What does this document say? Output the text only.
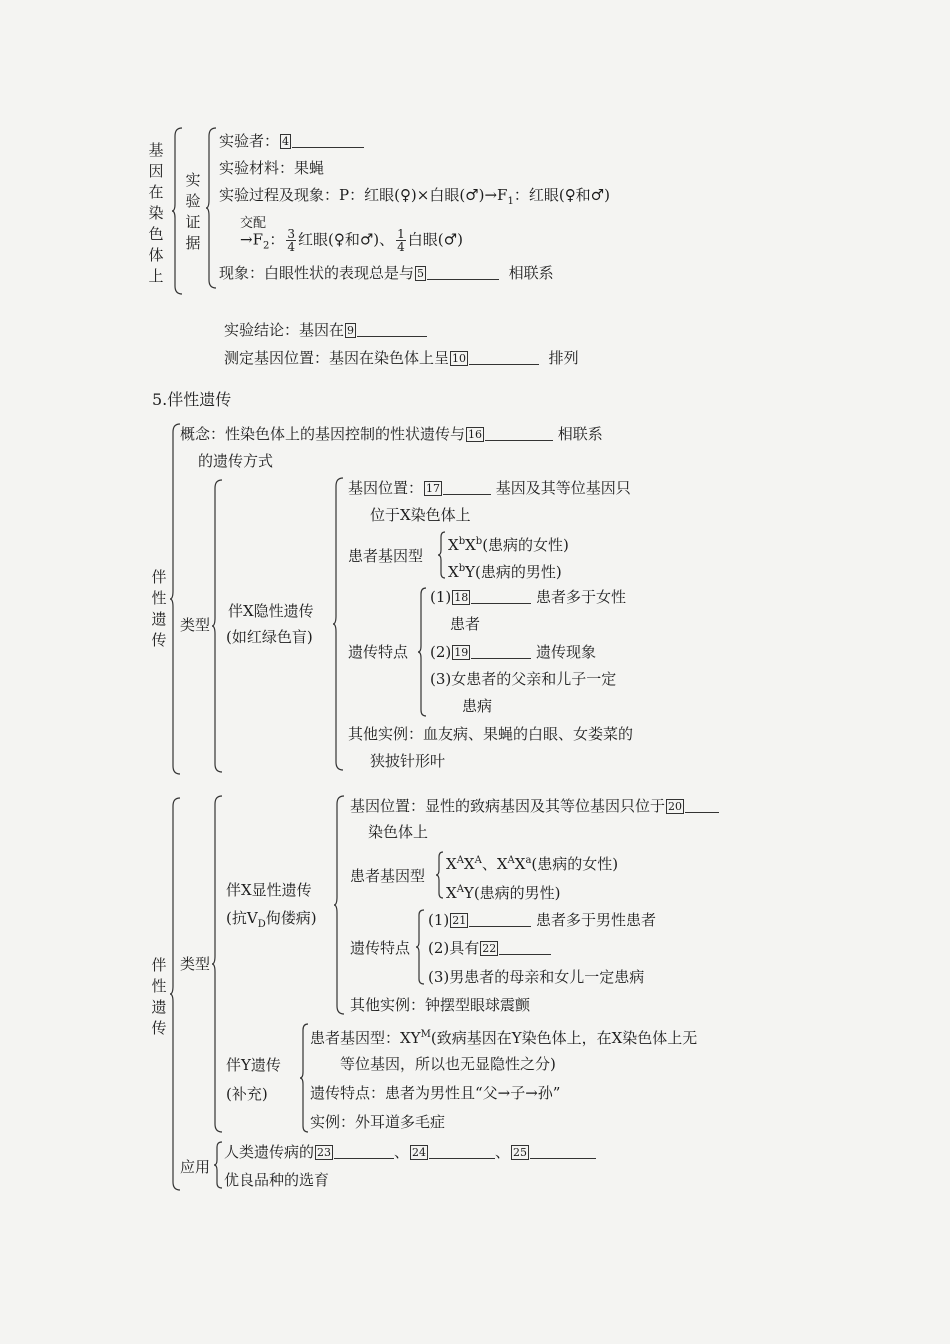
基因在染色体上
实验证据
实验者： 4
实验材料：果蝇
实验过程及现象：P：红眼(♀)×白眼$(♂)\to F_1$：红眼(♀和♂)
交配
$\to F_2$： $\frac{3}{4}$ 红眼(♀和♂)、 $\frac{1}{4}$ 白眼(♂)
现象：白眼性状的表现总是与 5	相联系
实验结论：基因在 9
测定基因位置：基因在染色体上呈 10	排列
5.伴性遗传
伴性遗传
概念：性染色体上的基因控制的性状遗传与 16	相联系
的遗传方式
类型
伴X隐性遗传
(如红绿色盲)
基因位置： 17	基因及其等位基因只
位于X染色体上
患者基因型
$X^bX^b$(患病的女性)
$X^bY$(患病的男性)
遗传特点
(1) 18	患者多于女性
患者
(2) 19	遗传现象
(3)女患者的父亲和儿子一定
患病
其他实例：血友病、果蝇的白眼、女娄菜的
狭披针形叶
伴性遗传
类型
伴X显性遗传
(抗$V_D$佝偻病)
基因位置：显性的致病基因及其等位基因只位于 20
染色体上
患者基因型
$X^AX^A$、$X^AX^a$(患病的女性)
$X^AY$(患病的男性)
遗传特点
(1) 21	患者多于男性患者
(2)具有 22
(3)男患者的母亲和女儿一定患病
其他实例：钟摆型眼球震颤
伴Y遗传
(补充)
患者基因型：$XY^M$(致病基因在Y染色体上，在X染色体上无
等位基因，所以也无显隐性之分)
遗传特点：患者为男性且“父→子→孙”
实例：外耳道多毛症
应用
人类遗传病的 23	、 24	、 25
优良品种的选育
